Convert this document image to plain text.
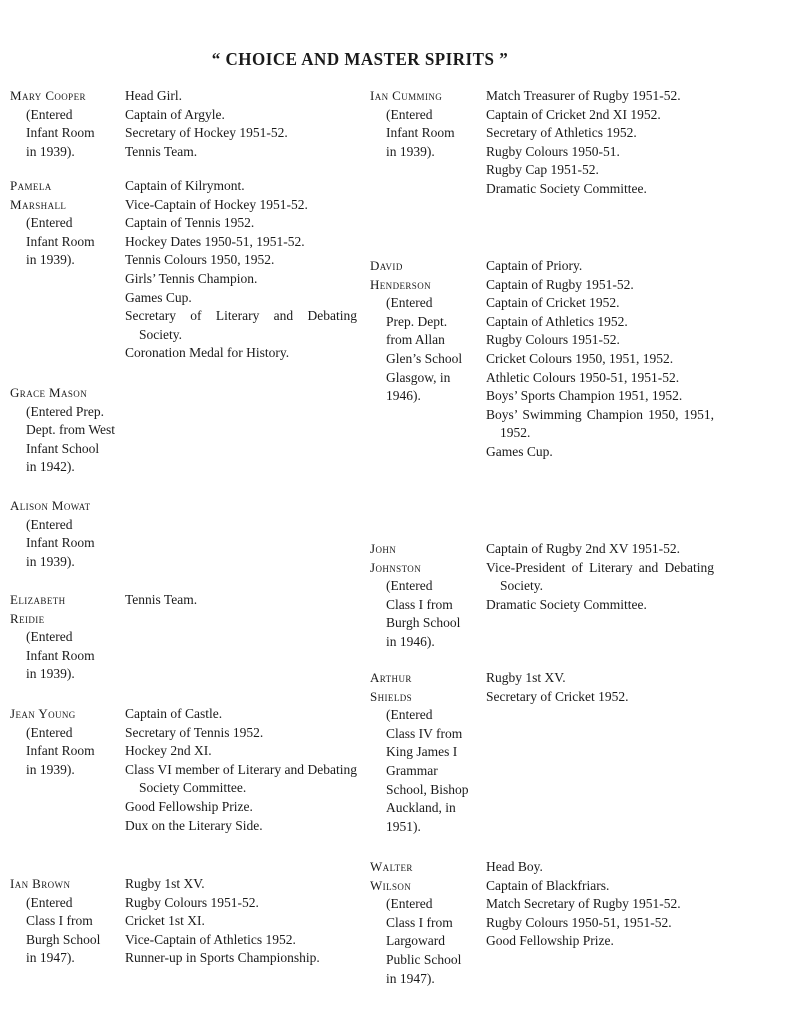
“ CHOICE AND MASTER SPIRITS ”
Mary Cooper
(Entered
Infant Room
in 1939).
Head Girl.
Captain of Argyle.
Secretary of Hockey 1951-52.
Tennis Team.
Pamela
Marshall
(Entered
Infant Room
in 1939).
Captain of Kilrymont.
Vice-Captain of Hockey 1951-52.
Captain of Tennis 1952.
Hockey Dates 1950-51, 1951-52.
Tennis Colours 1950, 1952.
Girls’ Tennis Champion.
Games Cup.
Secretary of Literary and Debating Society.
Coronation Medal for History.
Grace Mason
(Entered Prep.
Dept. from West
Infant School
in 1942).
Alison Mowat
(Entered
Infant Room
in 1939).
Elizabeth
Reidie
(Entered
Infant Room
in 1939).
Tennis Team.
Jean Young
(Entered
Infant Room
in 1939).
Captain of Castle.
Secretary of Tennis 1952.
Hockey 2nd XI.
Class VI member of Literary and Debating Society Committee.
Good Fellowship Prize.
Dux on the Literary Side.
Ian Brown
(Entered
Class I from
Burgh School
in 1947).
Rugby 1st XV.
Rugby Colours 1951-52.
Cricket 1st XI.
Vice-Captain of Athletics 1952.
Runner-up in Sports Championship.
Ian Cumming
(Entered
Infant Room
in 1939).
Match Treasurer of Rugby 1951-52.
Captain of Cricket 2nd XI 1952.
Secretary of Athletics 1952.
Rugby Colours 1950-51.
Rugby Cap 1951-52.
Dramatic Society Committee.
David
Henderson
(Entered
Prep. Dept.
from Allan
Glen’s School
Glasgow, in
1946).
Captain of Priory.
Captain of Rugby 1951-52.
Captain of Cricket 1952.
Captain of Athletics 1952.
Rugby Colours 1951-52.
Cricket Colours 1950, 1951, 1952.
Athletic Colours 1950-51, 1951-52.
Boys’ Sports Champion 1951, 1952.
Boys’ Swimming Champion 1950, 1951, 1952.
Games Cup.
John
Johnston
(Entered
Class I from
Burgh School
in 1946).
Captain of Rugby 2nd XV 1951-52.
Vice-President of Literary and Debating Society.
Dramatic Society Committee.
Arthur
Shields
(Entered
Class IV from
King James I
Grammar
School, Bishop
Auckland, in
1951).
Rugby 1st XV.
Secretary of Cricket 1952.
Walter
Wilson
(Entered
Class I from
Largoward
Public School
in 1947).
Head Boy.
Captain of Blackfriars.
Match Secretary of Rugby 1951-52.
Rugby Colours 1950-51, 1951-52.
Good Fellowship Prize.
